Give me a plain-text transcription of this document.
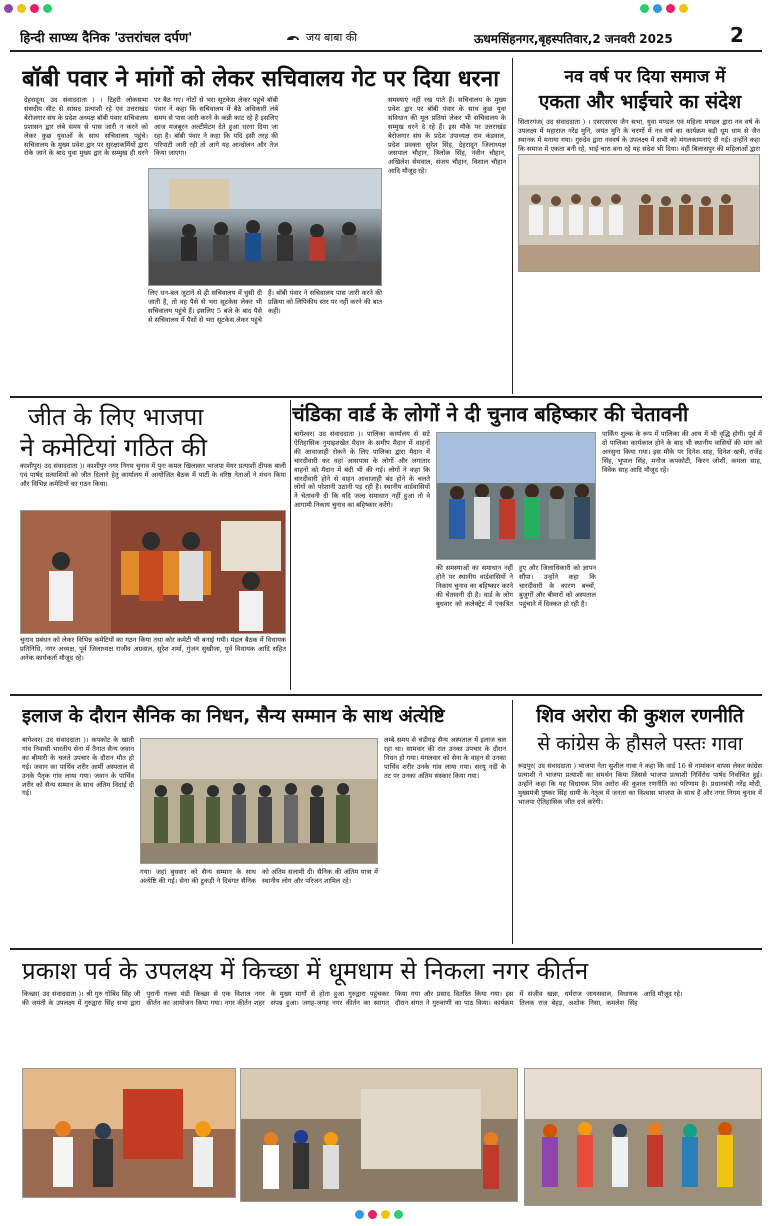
हिन्दी साप्ध्य दैनिक 'उत्तरांचल दर्पण'	जय बाबा की	ऊधमसिंहनगर,बृहस्पतिवार,2 जनवरी 2025	2
बॉबी पवार ने मांगों को लेकर सचिवालय गेट पर दिया धरना
देहरादून( उद संवाददाता ) । टिहरी लोकसभा संसदीय सीट से सांसद प्रत्याशी रहे एवं उत्तराखंड बेरोजगार संघ के प्रदेश अध्यक्ष बॉबी पंवार सचिवालय प्रशासन द्वार लंबे समय से पास जारी न करने को लेकर कुछ युवाओं के साथ सचिवालय पहुंचे। सचिवालय के मुख्य प्रवेश द्वार पर सुरक्षाकर्मियों द्वारा रोके जाने के बाद युवा मुख्य द्वार के सम्मुख ही धरने पर बैठ गए। नोटों से भरा सूटकेस लेकर पहुंचे बॉबी पंवार ने कहा कि सचिवालय में बैठे अधिकारी लंबे समय से पास जारी करने के कन्नी काट रहे हैं इसलिए आज मजबूरन अल्टीमेटम देते हुआ धरना दिया जा रहा है। बॉबी पंवार ने कहा कि यदि इसी तरह की परिपाटी जारी रही तो आगे यह आन्दोलन और तेज किया जाएगा।
लिए धन-बल जुटाने से ही सचिवालय में घुसी दी जाती है, तो वह पैसे से भरा सूटकेस लेकर भी सचिवालय पहुंचे हैं। इसलिए 5 बजे के बाद पैसे से सचिवालय में पैसों से भरा सूटकेस लेकर पहुंचे हैं। बॉबी पंवार ने सचिवालय पास जारी करने की प्रक्रिया को लिपिकीय स्तर पर नहीं करने की बात कही।
समस्याएं नहीं रख पाते हैं। सचिवालय के मुख्य प्रवेश द्वार पर बॉबी पंवार के साथ कुछ युवा संविधान की मूल प्रतियां लेकर भी सचिवालय के सम्मुख धरने दे रहे हैं। इस मौके पर उत्तराखंड बेरोजगार संघ के प्रदेश उपाध्यक्ष राम कंडवाल, प्रदेश प्रवक्ता सुरेश सिंह, देहरादून जिलाध्यक्ष जसपाल चौहान, त्रिलोक सिंह, नवीन चौहान, अखिलेश सेमवाल, संजय चौहान, विशाल चौहान आदि मौजूद रहे।
नव वर्ष पर दिया समाज में
एकता और भाईचारे का संदेश
सितारगंज( उद संवाददाता ) । एसएसएस जैन सभा, युवा मण्डल एवं महिला मण्डल द्वारा नव वर्ष के उपलक्ष्य में महाराज नरेंद्र मुनि, जयंत मुनि के चरणों में नव वर्ष का कार्यक्रम बड़ी धूम धाम से जैन स्थानक में मनाया गया। गुरुदेव द्वारा नववर्ष के उपलक्ष्य में सभी को मंगलकामनाएं दी गई। उन्होंने कहा कि समाज में एकता बनी रहे, भाई चारा बना रहे यह संदेश भी दिया। वहीं बिलासपुर की महिलाओं द्वारा
जीत के लिए भाजपा
ने कमेटियां गठित की
काशीपुर( उद संवाददाता )। काशीपुर नगर निगम चुनाव में पुनः कमल खिलाकर भाजपा मेयर प्रत्याशी दीपक बाली एवं पार्षद प्रत्याशियों को जीत दिलाने हेतु कार्यालय में आयोजित बैठक में पार्टी के वरिष्ठ नेताओं ने मंथन किया और विभिन्न कमेटियों का गठन किया।
चुनाव प्रबंधन को लेकर विभिन्न कमेटियों का गठन किया तथा कोर कमेटी भी बनाई गयी। मंडल बैठक में विधायक प्रतिनिधि, नगर अध्यक्ष, पूर्व जिलाध्यक्ष राजीव अग्रवाल, सुरेश शर्मा, गुंजन सुखीजा, पूर्व विधायक आदि सहित अनेक कार्यकर्ता मौजूद रहे।
चंडिका वार्ड के लोगों ने दी चुनाव बहिष्कार की चेतावनी
बागेश्वर( उद संवाददाता )। पालिका कार्यालय से सटे ऐतिहासिक नुमाइशखेत मैदान के समीप मैदान में वाहनों की आवाजाही रोकने के लिए पालिका द्वारा मैदान में चारदीवारी कर वहां आसपास के लोगों और लगातार वाहनों को मैदान में बंदी भी की गई। लोगों ने कहा कि चारदीवारी होने से वाहन आवाजाही बंद होने के चलते लोगों को परेशानी उठानी पड़ रही है। स्थानीय वार्डवासियों ने चेतावनी दी कि यदि जल्द समाधान नहीं हुआ तो वे आगामी निकाय चुनाव का बहिष्कार करेंगे।
की समस्याओं का समाधान नहीं होने पर स्थानीय वार्डवासियों ने निकाय चुनाव का बहिष्कार करने की चेतावनी दी है। वार्ड के लोग बुधवार को कलेक्ट्रेट में एकत्रित हुए और जिलाधिकारी को ज्ञापन सौंपा। उन्होंने कहा कि चारदीवारी के कारण बच्चों, बुजुर्गों और बीमारों को अस्पताल पहुंचाने में दिक्कत हो रही है।
पार्किंग शुल्क के रूप में पालिका की आय में भी वृद्धि होगी। पूर्व में दो पालिका कार्यकाल होने के बाद भी स्थानीय वासियों की मांग को अनसुना किया गया। इस मौके पर दिनेश साह, दिनेश खत्री, राजेंद्र सिंह, भूपाल सिंह, मनोज कपकोटी, किरन जोशी, कमला साह, विवेक साह आदि मौजूद रहे।
इलाज के दौरान सैनिक का निधन, सैन्य सम्मान के साथ अंत्येष्टि
बागेश्वर( उद संवाददाता )। कपकोट के खाती गांव निवासी भारतीय सेना में तैनात सैन्य जवान का बीमारी के चलते उपचार के दौरान मौत हो गई। जवान का पार्थिव शरीर आर्मी अस्पताल से उनके पैतृक गांव लाया गया। जवान के पार्थिव शरीर को सैन्य सम्मान के साथ अंतिम विदाई दी गई।
गया। जहां बुधवार को सैन्य सम्मान के साथ अंत्येष्टि की गई। सेना की टुकड़ी ने दिवंगत सैनिक को अंतिम सलामी दी। सैनिक की अंतिम यात्रा में स्थानीय लोग और परिजन शामिल रहे।
लम्बे समय से चंडीगढ़ सैन्य अस्पताल में इलाज चल रहा था। सामवार की रात उनका उपचार के दौरान निधन हो गया। मंगलवार को सेना के वाहन से उनका पार्थिव शरीर उनके गांव लाया गया। सरयू नदी के तट पर उनका अंतिम संस्कार किया गया।
शिव अरोरा की कुशल रणनीति
से कांग्रेस के हौसले पस्तः गावा
रूद्रपुर( उद संवाददाता ) भाजपा नेता सुशील गावा ने कहा कि वार्ड 16 से नामांकन वापस लेकर कांग्रेस प्रत्याशी ने भाजपा प्रत्याशी का समर्थन किया जिससे भाजपा प्रत्याशी निर्विरोध पार्षद निर्वाचित हुई। उन्होंने कहा कि यह विधायक शिव अरोरा की कुशल रणनीति का परिणाम है। प्रधानमंत्री नरेंद्र मोदी, मुख्यमंत्री पुष्कर सिंह धामी के नेतृत्व में जनता का विश्वास भाजपा के साथ है और नगर निगम चुनाव में भाजपा ऐतिहासिक जीत दर्ज करेगी।
प्रकाश पर्व के उपलक्ष्य में किच्छा में धूमधाम से निकला नगर कीर्तन
किच्छा( उद संवाददाता )। श्री गुरु गोबिंद सिंह जी की जयंती के उपलक्ष्य में गुरुद्वारा सिंह सभा द्वारा पुरानी गल्ला मंडी किच्छा से एक विशाल नगर कीर्तन का आयोजन किया गया। नगर कीर्तन शहर के मुख्य मार्गों से होता हुआ गुरुद्वारा पहुंचकर संपन्न हुआ। जगह-जगह नगर कीर्तन का स्वागत किया गया और प्रसाद वितरित किया गया। इस दौरान संगत ने गुरुवाणी का पाठ किया। कार्यक्रम में संजीव खन्ना, धर्मराज जायसवाल, विधायक तिलक राज बेहड़, अशोक निसा, कमलेश सिंह आदि मौजूद रहे।
